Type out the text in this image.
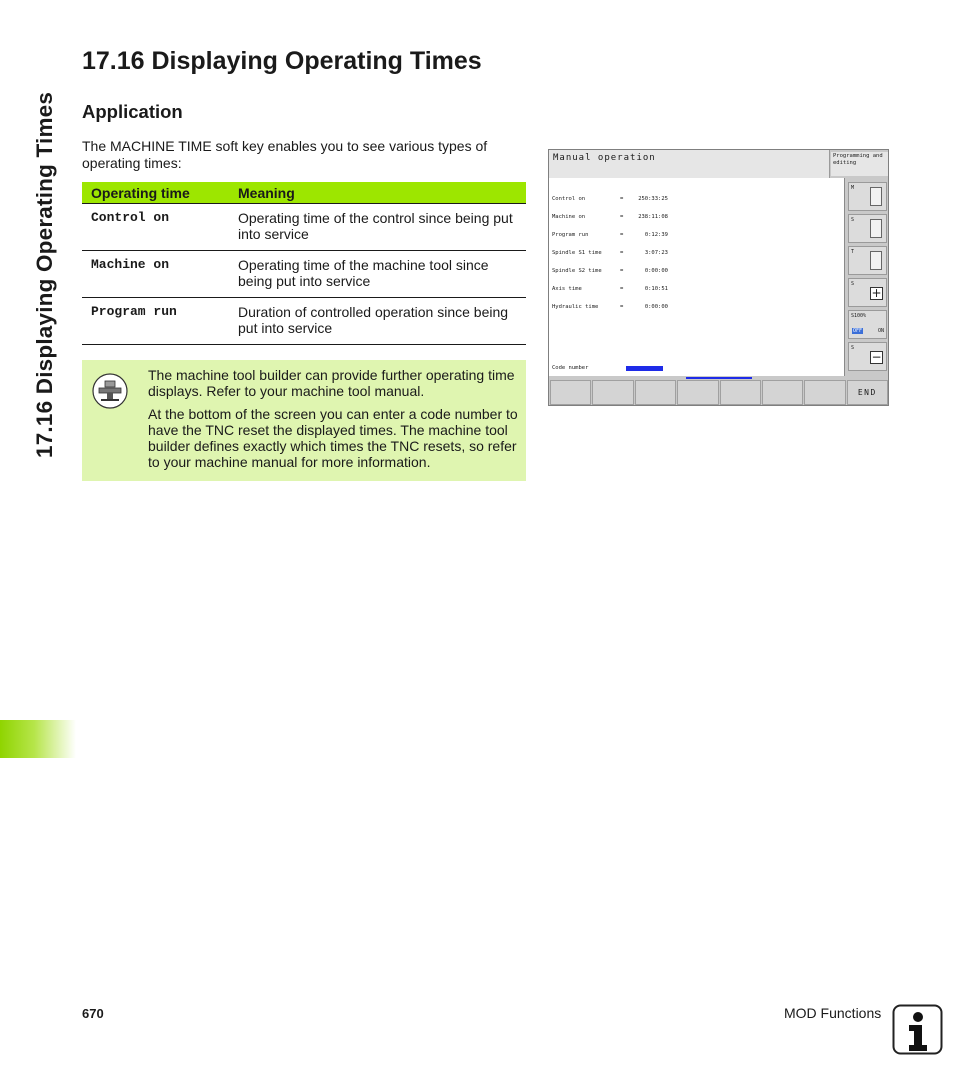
17.16 Displaying Operating Times
17.16 Displaying Operating Times
Application
The MACHINE TIME soft key enables you to see various types of operating times:
Operating time	Meaning
Control on	Operating time of the control since being put into service
Machine on	Operating time of the machine tool since being put into service
Program run	Duration of controlled operation since being put into service

The machine tool builder can provide further operating time displays. Refer to your machine tool manual.

At the bottom of the screen you can enter a code number to have the TNC reset the displayed times. The machine tool builder defines exactly which times the TNC resets, so refer to your machine manual for more information.

Manual operation	Programming and editing

Control on	=	250:33:25

Machine on	=	238:11:08

Program run	=	0:12:39

Spindle S1 time	=	3:07:23

Spindle S2 time	=	0:00:00

Axis time	=	0:10:51

Hydraulic time	=	0:00:00

Code number
M
S
T
S
+
S100%
OFF	ON
S
−
END
670	MOD Functions
